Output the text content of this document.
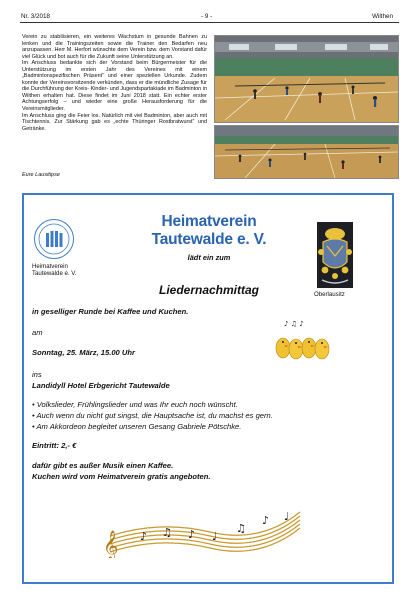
Nr. 3/2018	- 9 -	Wilthen

Verein zu stabilisieren, ein weiteres Wachstum in gesunde Bahnen zu lenken und die Trainingszeiten sowie die Trainer den Bedarfen neu anzupassen. Herr M. Herfort wünschte dem Verein bzw. dem Vorstand dafür viel Glück und bot auch für die Zukunft seine Unterstützung an.

Im Anschluss bedankte sich der Vorstand beim Bürgermeister für die Unterstützung im ersten Jahr des Vereines mit einem „Badmintonspezifischen Präsent“ und einer speziellen Urkunde. Zudem konnte der Vereinsvorsitzende verkünden, dass er die mündliche Zusage für die Durchführung der Kreis- Kinder- und Jugendspartakiade im Badminton in Wilthen erhalten hat. Diese findet im Juni 2018 statt. Ein echter erster Achtungserfolg – und wieder eine große Herausforderung für die Vereinsmitglieder.

Im Anschluss ging die Feier los. Natürlich mit viel Badminton, aber auch mit Tischtennis. Zur Stärkung gab es „echte Thüringer Rostbratwurst“ und Getränke.

Eure Lausitipse
Heimatverein
Tautewalde e. V.
Heimatverein
Tautewalde e. V.
lädt ein zum
Oberlausitz
Liedernachmittag
in geselliger Runde bei Kaffee und Kuchen.
am
Sonntag, 25. März, 15.00 Uhr
ins
Landidyll Hotel Erbgericht Tautewalde
♪ ♫ ♪
• Volkslieder, Frühlingslieder und was Ihr euch noch wünscht.
• Auch wenn du nicht gut singst, die Hauptsache ist, du machst es gern.
• Am Akkordeon begleitet unseren Gesang Gabriele Pötschke.
Eintritt: 2,- €
dafür gibt es außer Musik einen Kaffee.
Kuchen wird vom Heimatverein gratis angeboten.
𝄞 ♪ ♫ ♪ ♩
♫
♪ ♩
